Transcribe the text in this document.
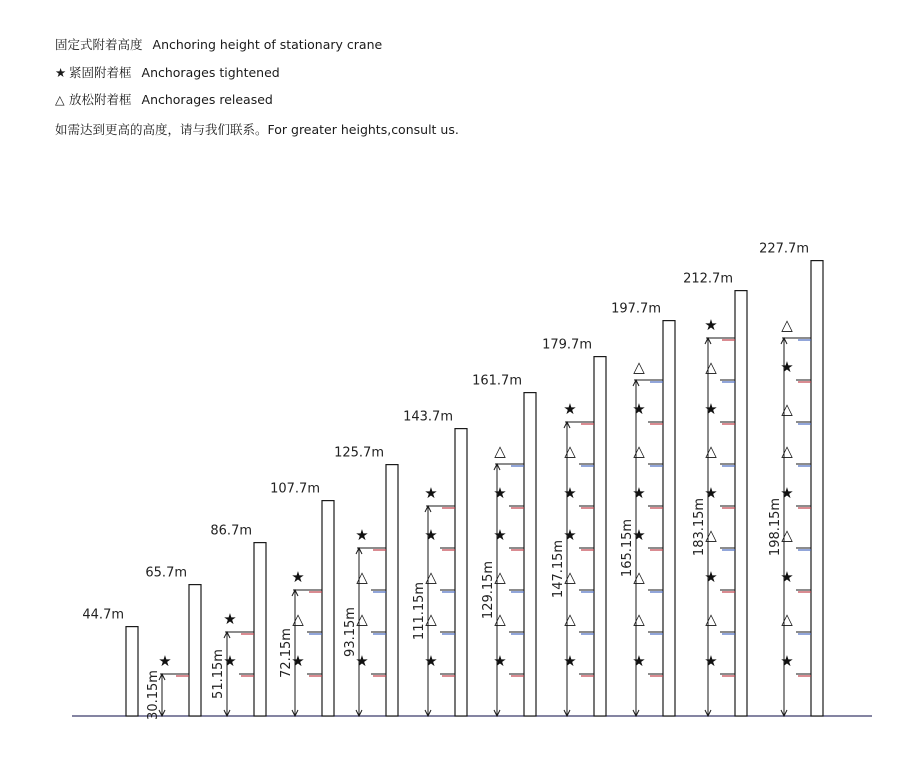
固定式附着高度 Anchoring height of stationary crane
★ 紧固附着框 Anchorages tightened
△ 放松附着框 Anchorages released
如需达到更高的高度，请与我们联系。For greater heights,consult us.
44.7m
65.7m
30.15m
★
86.7m
51.15m
★
★
107.7m
72.15m
★
△
★
125.7m
93.15m
★
△
△
★
143.7m
111.15m
★
△
△
★
★
161.7m
129.15m
★
△
△
★
★
△
179.7m
147.15m
★
△
△
★
★
△
★
197.7m
165.15m
★
△
△
★
★
△
★
△
212.7m
183.15m
★
△
★
△
★
△
★
△
★
227.7m
198.15m
★
△
★
△
★
△
△
★
△
